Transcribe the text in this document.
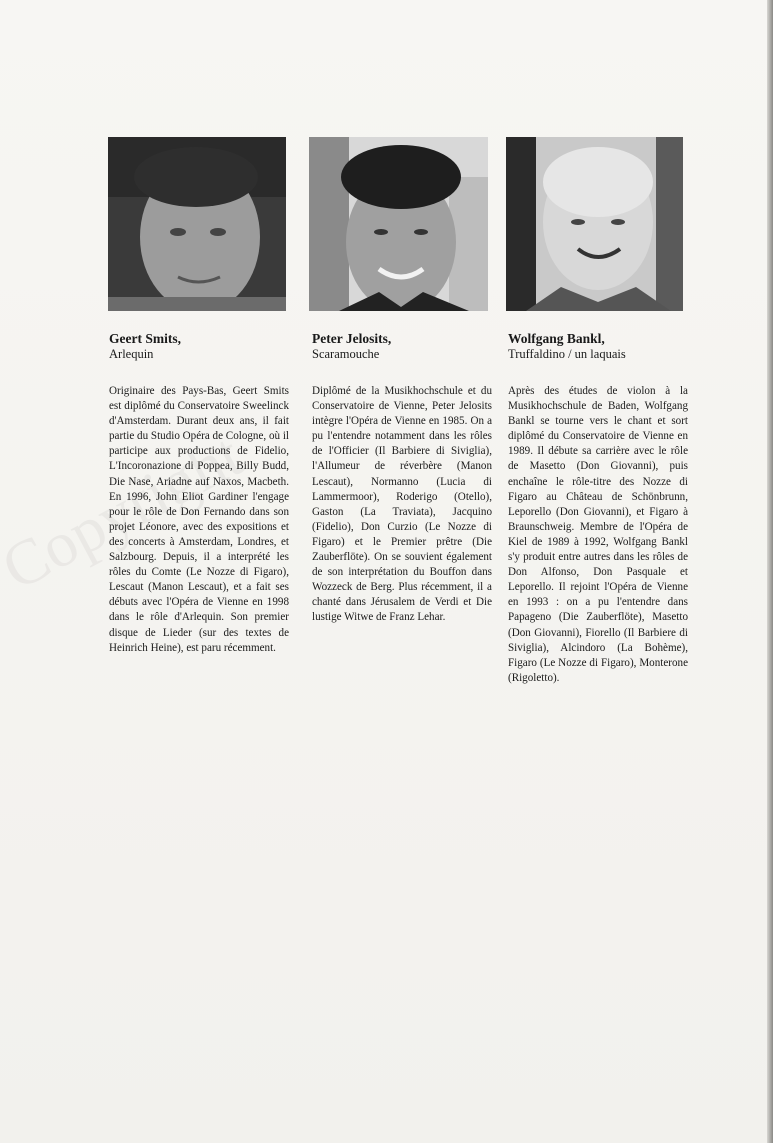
Geert Smits,

Arlequin

Originaire des Pays-Bas, Geert Smits est diplômé du Conservatoire Sweelinck d'Amsterdam. Durant deux ans, il fait partie du Studio Opéra de Cologne, où il participe aux productions de Fidelio, L'Incoronazione di Poppea, Billy Budd, Die Nase, Ariadne auf Naxos, Macbeth. En 1996, John Eliot Gardiner l'engage pour le rôle de Don Fernando dans son projet Léonore, avec des expositions et des concerts à Amsterdam, Londres, et Salzbourg. Depuis, il a interprété les rôles du Comte (Le Nozze di Figaro), Lescaut (Manon Lescaut), et a fait ses débuts avec l'Opéra de Vienne en 1998 dans le rôle d'Arlequin. Son premier disque de Lieder (sur des textes de Heinrich Heine), est paru récemment.

Peter Jelosits,

Scaramouche

Diplômé de la Musikhochschule et du Conservatoire de Vienne, Peter Jelosits intègre l'Opéra de Vienne en 1985. On a pu l'entendre notamment dans les rôles de l'Officier (Il Barbiere di Siviglia), l'Allumeur de réverbère (Manon Lescaut), Normanno (Lucia di Lammermoor), Roderigo (Otello), Gaston (La Traviata), Jacquino (Fidelio), Don Curzio (Le Nozze di Figaro) et le Premier prêtre (Die Zauberflöte). On se souvient également de son interprétation du Bouffon dans Wozzeck de Berg. Plus récemment, il a chanté dans Jérusalem de Verdi et Die lustige Witwe de Franz Lehar.

Wolfgang Bankl,

Truffaldino / un laquais

Après des études de violon à la Musikhochschule de Baden, Wolfgang Bankl se tourne vers le chant et sort diplômé du Conservatoire de Vienne en 1989. Il débute sa carrière avec le rôle de Masetto (Don Giovanni), puis enchaîne le rôle-titre des Nozze di Figaro au Château de Schönbrunn, Leporello (Don Giovanni), et Figaro à Braunschweig. Membre de l'Opéra de Kiel de 1989 à 1992, Wolfgang Bankl s'y produit entre autres dans les rôles de Don Alfonso, Don Pasquale et Leporello. Il rejoint l'Opéra de Vienne en 1993 : on a pu l'entendre dans Papageno (Die Zauberflöte), Masetto (Don Giovanni), Fiorello (Il Barbiere di Siviglia), Alcindoro (La Bohème), Figaro (Le Nozze di Figaro), Monterone (Rigoletto).
